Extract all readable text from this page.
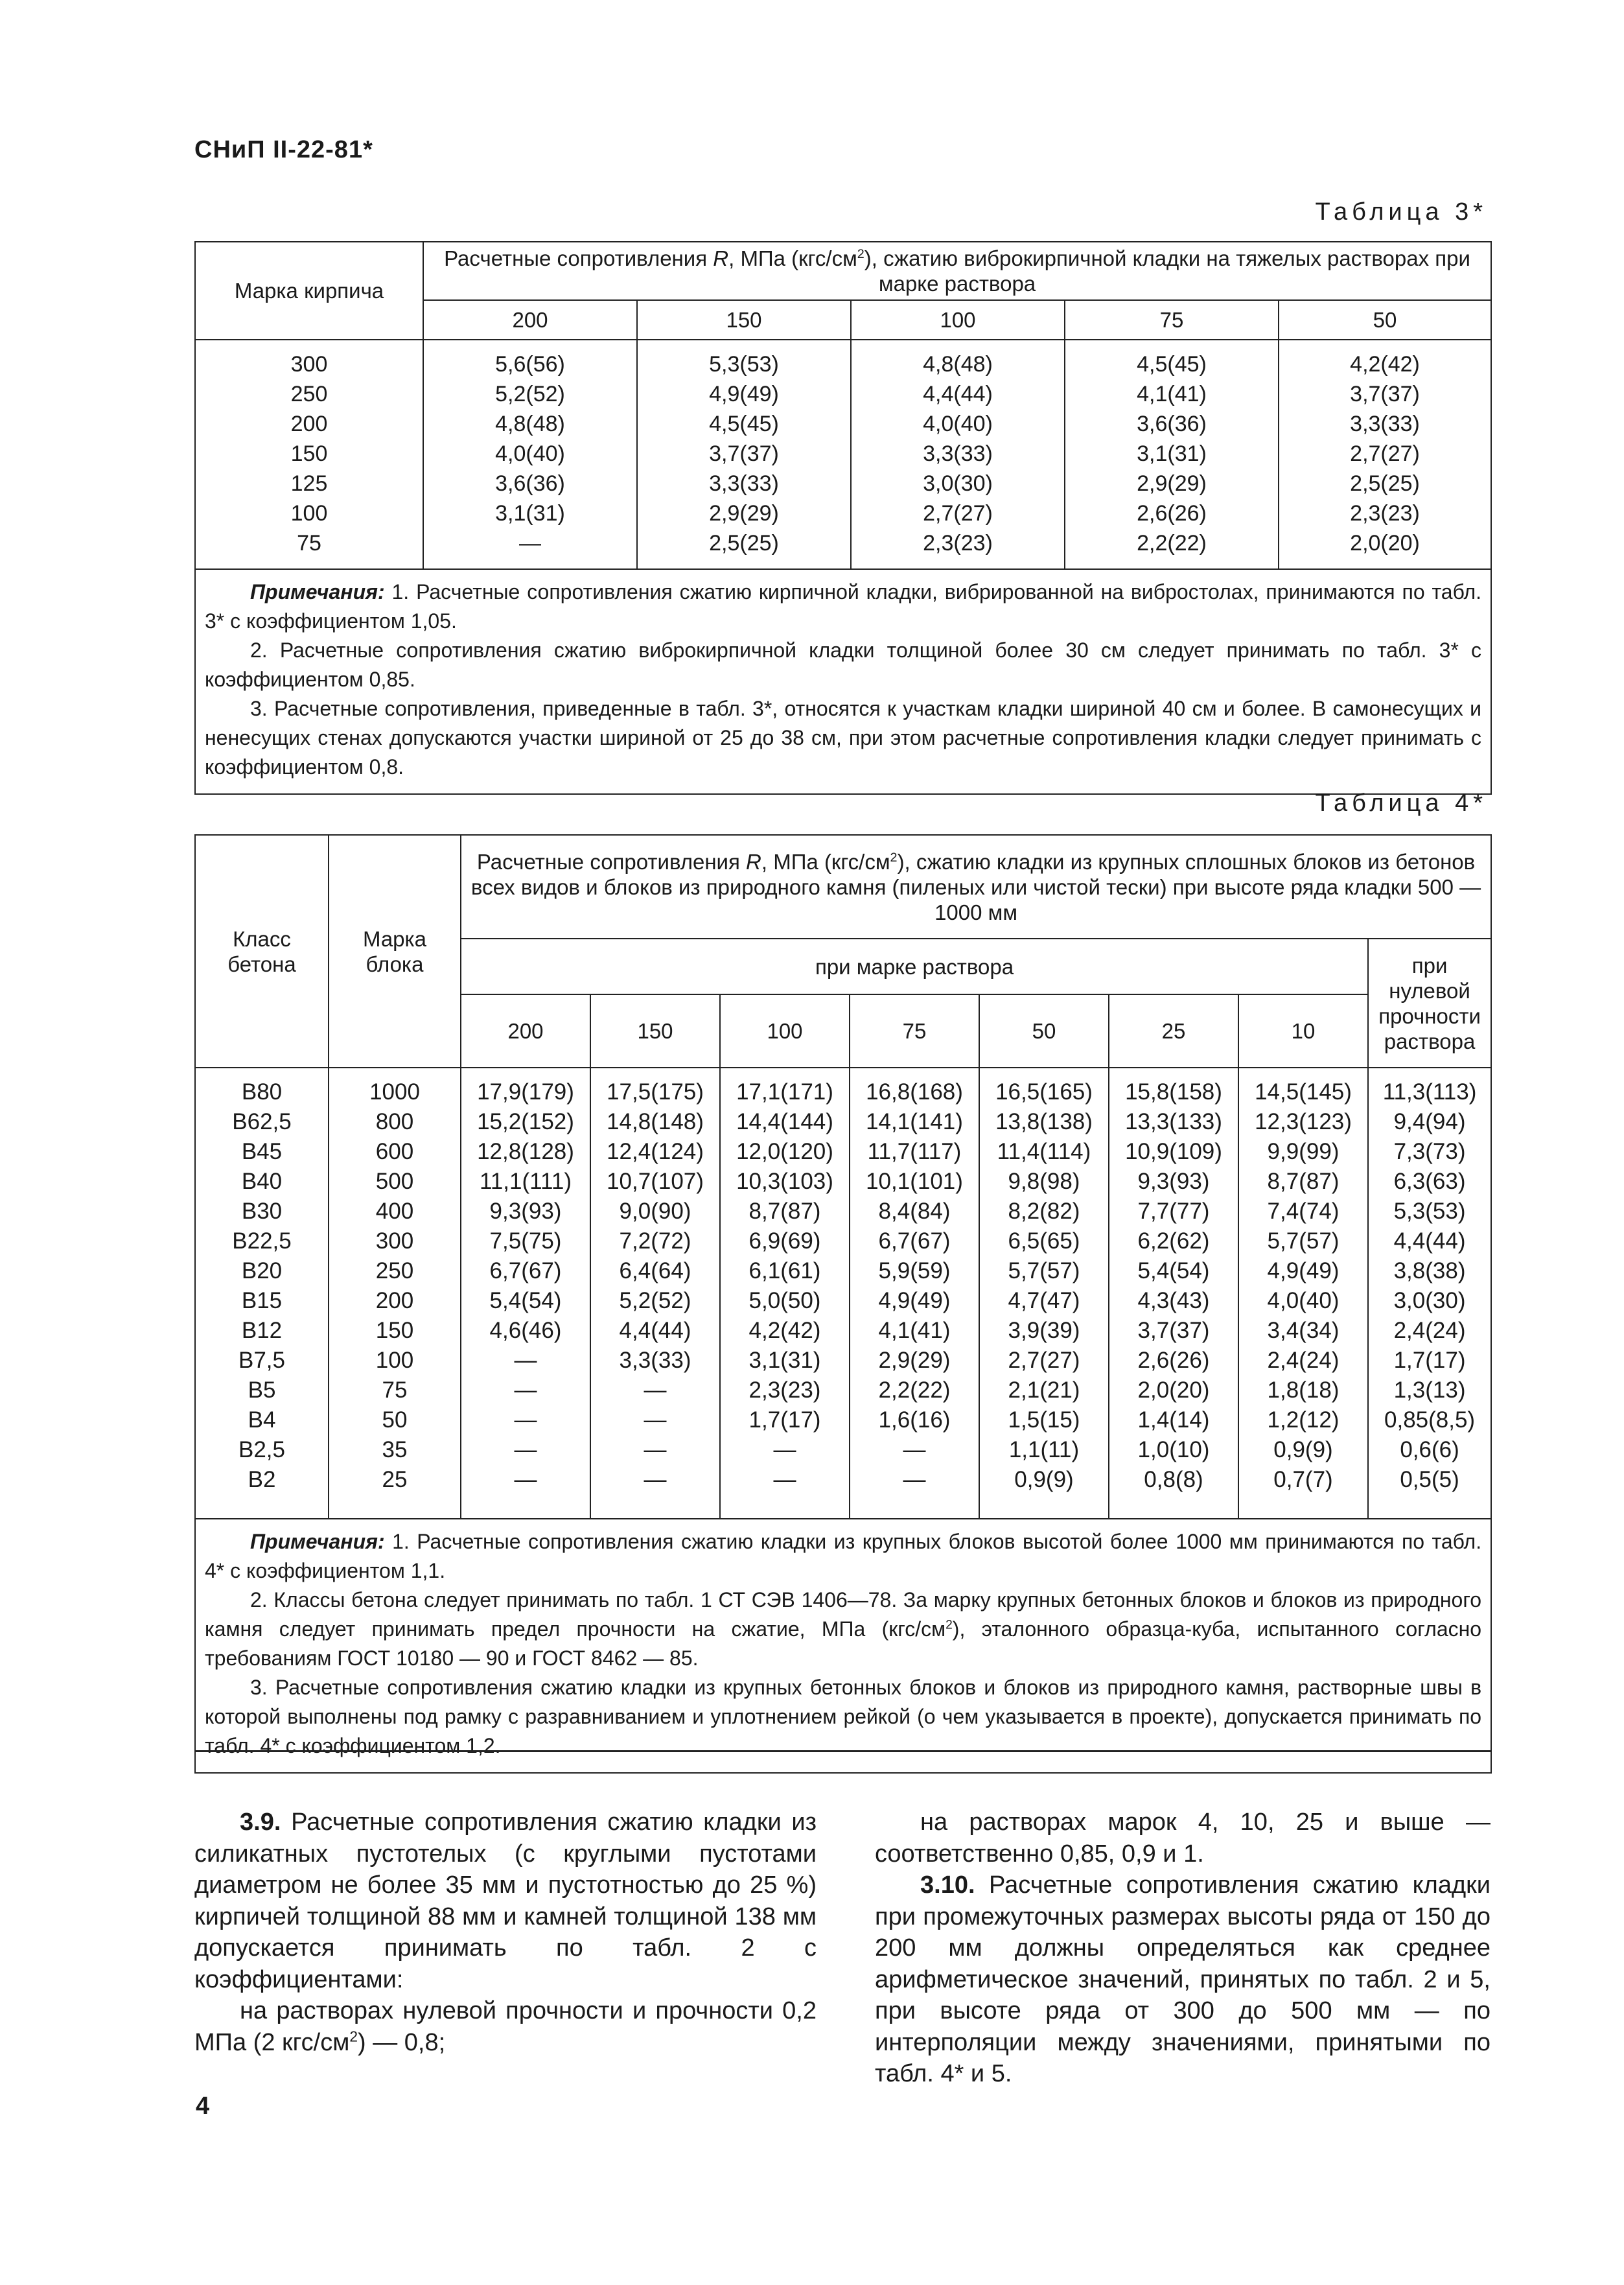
СНиП II-22-81*
Таблица 3*
Марка кирпича	Расчетные сопротивления R, МПа $(кгс/см^2)$, сжатию виброкирпичной кладки на тяжелых растворах при марке раствора				
	200	150	100	75	50
300	5,6(56)	5,3(53)	4,8(48)	4,5(45)	4,2(42)
250	5,2(52)	4,9(49)	4,4(44)	4,1(41)	3,7(37)
200	4,8(48)	4,5(45)	4,0(40)	3,6(36)	3,3(33)
150	4,0(40)	3,7(37)	3,3(33)	3,1(31)	2,7(27)
125	3,6(36)	3,3(33)	3,0(30)	2,9(29)	2,5(25)
100	3,1(31)	2,9(29)	2,7(27)	2,6(26)	2,3(23)
75	—	2,5(25)	2,3(23)	2,2(22)	2,0(20)

Примечания: 1. Расчетные сопротивления сжатию кирпичной кладки, вибрированной на вибростолах, принимаются по табл. 3* с коэффициентом 1,05.

2. Расчетные сопротивления сжатию виброкирпичной кладки толщиной более 30 см следует принимать по табл. 3* с коэффициентом 0,85.

3. Расчетные сопротивления, приведенные в табл. 3*, относятся к участкам кладки шириной 40 см и более. В самонесущих и ненесущих стенах допускаются участки шириной от 25 до 38 см, при этом расчетные сопротивления кладки следует принимать с коэффициентом 0,8.					

Таблица 4*
Класс бетона	Марка блока	Расчетные сопротивления R, МПа $(кгс/см^2)$, сжатию кладки из крупных сплошных блоков из бетонов всех видов и блоков из природного камня (пиленых или чистой тески) при высоте ряда кладки 500 — 1000 мм							
		при марке раствора							при нулевой прочности раствора
		200	150	100	75	50	25	10	
В80	1000	17,9(179)	17,5(175)	17,1(171)	16,8(168)	16,5(165)	15,8(158)	14,5(145)	11,3(113)
В62,5	800	15,2(152)	14,8(148)	14,4(144)	14,1(141)	13,8(138)	13,3(133)	12,3(123)	9,4(94)
В45	600	12,8(128)	12,4(124)	12,0(120)	11,7(117)	11,4(114)	10,9(109)	9,9(99)	7,3(73)
В40	500	11,1(111)	10,7(107)	10,3(103)	10,1(101)	9,8(98)	9,3(93)	8,7(87)	6,3(63)
В30	400	9,3(93)	9,0(90)	8,7(87)	8,4(84)	8,2(82)	7,7(77)	7,4(74)	5,3(53)
В22,5	300	7,5(75)	7,2(72)	6,9(69)	6,7(67)	6,5(65)	6,2(62)	5,7(57)	4,4(44)
В20	250	6,7(67)	6,4(64)	6,1(61)	5,9(59)	5,7(57)	5,4(54)	4,9(49)	3,8(38)
В15	200	5,4(54)	5,2(52)	5,0(50)	4,9(49)	4,7(47)	4,3(43)	4,0(40)	3,0(30)
В12	150	4,6(46)	4,4(44)	4,2(42)	4,1(41)	3,9(39)	3,7(37)	3,4(34)	2,4(24)
В7,5	100	—	3,3(33)	3,1(31)	2,9(29)	2,7(27)	2,6(26)	2,4(24)	1,7(17)
В5	75	—	—	2,3(23)	2,2(22)	2,1(21)	2,0(20)	1,8(18)	1,3(13)
В4	50	—	—	1,7(17)	1,6(16)	1,5(15)	1,4(14)	1,2(12)	0,85(8,5)
В2,5	35	—	—	—	—	1,1(11)	1,0(10)	0,9(9)	0,6(6)
В2	25	—	—	—	—	0,9(9)	0,8(8)	0,7(7)	0,5(5)

Примечания: 1. Расчетные сопротивления сжатию кладки из крупных блоков высотой более 1000 мм принимаются по табл. 4* с коэффициентом 1,1.

2. Классы бетона следует принимать по табл. 1 СТ СЭВ 1406—78. За марку крупных бетонных блоков и блоков из природного камня следует принимать предел прочности на сжатие, МПа $(кгс/см^2)$, эталонного образца-куба, испытанного согласно требованиям ГОСТ 10180 — 90 и ГОСТ 8462 — 85.

3. Расчетные сопротивления сжатию кладки из крупных бетонных блоков и блоков из природного камня, растворные швы в которой выполнены под рамку с разравниванием и уплотнением рейкой (о чем указывается в проекте), допускается принимать по табл. 4* с коэффициентом 1,2.									

3.9. Расчетные сопротивления сжатию кладки из силикатных пустотелых (с круглыми пустотами диаметром не более 35 мм и пустотностью до 25 %) кирпичей толщиной 88 мм и камней толщиной 138 мм допускается принимать по табл. 2 с коэффициентами:

на растворах нулевой прочности и прочности 0,2 МПа (2 кгс/$см^2$) — 0,8;

на растворах марок 4, 10, 25 и выше — соответственно 0,85, 0,9 и 1.

3.10. Расчетные сопротивления сжатию кладки при промежуточных размерах высоты ряда от 150 до 200 мм должны определяться как среднее арифметическое значений, принятых по табл. 2 и 5, при высоте ряда от 300 до 500 мм — по интерполяции между значениями, принятыми по табл. 4* и 5.

4
